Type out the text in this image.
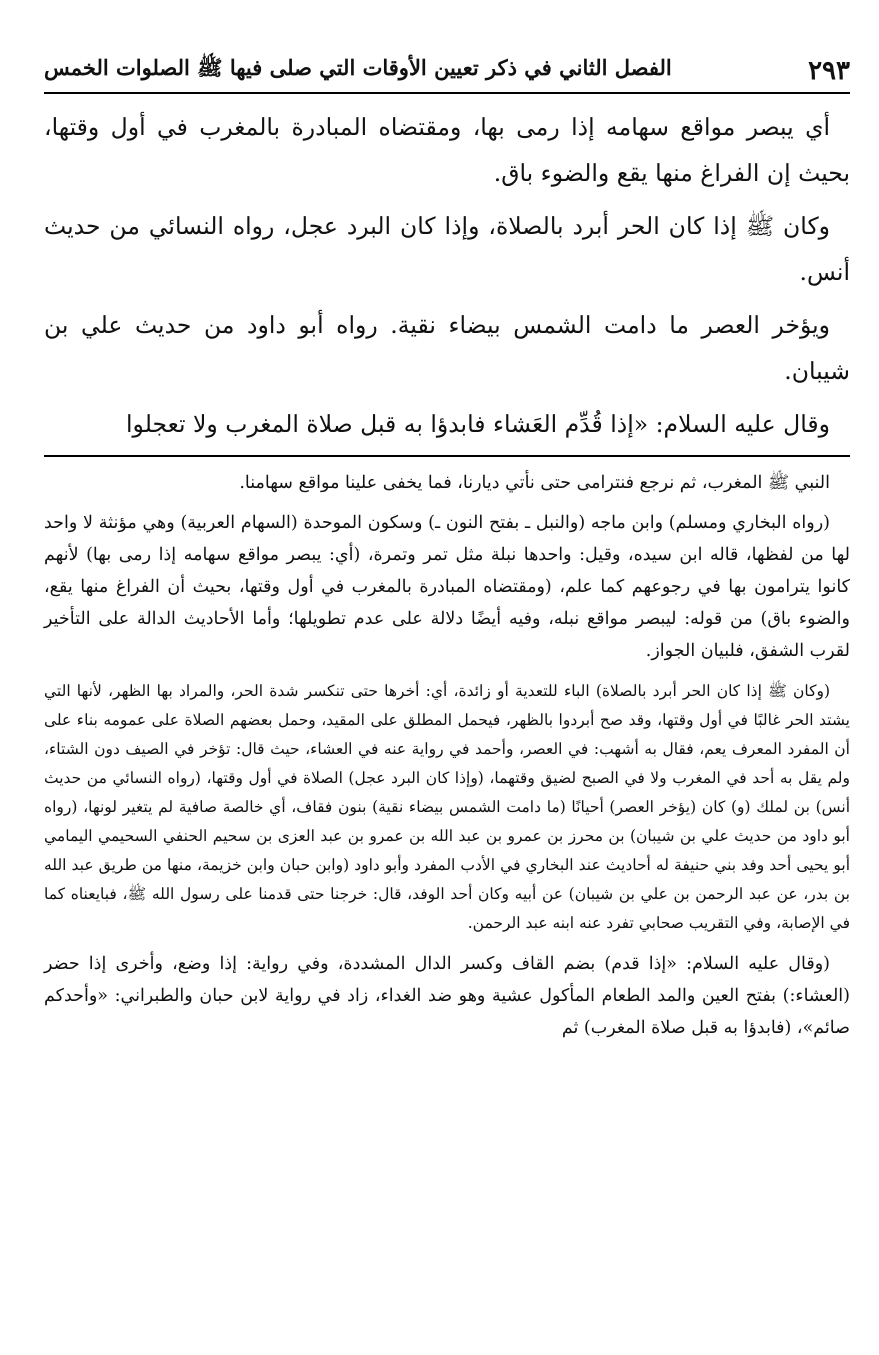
الفصل الثاني في ذكر تعيين الأوقات التي صلى فيها ﷺ الصلوات الخمس	٢٩٣

أي يبصر مواقع سهامه إذا رمى بها، ومقتضاه المبادرة بالمغرب في أول وقتها، بحيث إن الفراغ منها يقع والضوء باق.

وكان ﷺ إذا كان الحر أبرد بالصلاة، وإذا كان البرد عجل، رواه النسائي من حديث أنس.

ويؤخر العصر ما دامت الشمس بيضاء نقية. رواه أبو داود من حديث علي بن شيبان.

وقال عليه السلام: «إذا قُدِّم العَشاء فابدؤا به قبل صلاة المغرب ولا تعجلوا

النبي ﷺ المغرب، ثم نرجع فنترامى حتى نأتي ديارنا، فما يخفى علينا مواقع سهامنا.

(رواه البخاري ومسلم) وابن ماجه (والنبل ـ بفتح النون ـ) وسكون الموحدة (السهام العربية) وهي مؤنثة لا واحد لها من لفظها، قاله ابن سيده، وقيل: واحدها نبلة مثل تمر وتمرة، (أي: يبصر مواقع سهامه إذا رمى بها) لأنهم كانوا يترامون بها في رجوعهم كما علم، (ومقتضاه المبادرة بالمغرب في أول وقتها، بحيث أن الفراغ منها يقع، والضوء باق) من قوله: ليبصر مواقع نبله، وفيه أيضًا دلالة على عدم تطويلها؛ وأما الأحاديث الدالة على التأخير لقرب الشفق، فلبيان الجواز.

(وكان ﷺ إذا كان الحر أبرد بالصلاة) الباء للتعدية أو زائدة، أي: أخرها حتى تنكسر شدة الحر، والمراد بها الظهر، لأنها التي يشتد الحر غالبًا في أول وقتها، وقد صح أبردوا بالظهر، فيحمل المطلق على المقيد، وحمل بعضهم الصلاة على عمومه بناء على أن المفرد المعرف يعم، فقال به أشهب: في العصر، وأحمد في رواية عنه في العشاء، حيث قال: تؤخر في الصيف دون الشتاء، ولم يقل به أحد في المغرب ولا في الصبح لضيق وقتهما، (وإذا كان البرد عجل) الصلاة في أول وقتها، (رواه النسائي من حديث أنس) بن لملك (و) كان (يؤخر العصر) أحيانًا (ما دامت الشمس بيضاء نقية) بنون فقاف، أي خالصة صافية لم يتغير لونها، (رواه أبو داود من حديث علي بن شيبان) بن محرز بن عمرو بن عبد الله بن عمرو بن عبد العزى بن سحيم الحنفي السحيمي اليمامي أبو يحيى أحد وفد بني حنيفة له أحاديث عند البخاري في الأدب المفرد وأبو داود (وابن حبان وابن خزيمة، منها من طريق عبد الله بن بدر، عن عبد الرحمن بن علي بن شيبان) عن أبيه وكان أحد الوفد، قال: خرجنا حتى قدمنا على رسول الله ﷺ، فبايعناه كما في الإصابة، وفي التقريب صحابي تفرد عنه ابنه عبد الرحمن.

(وقال عليه السلام: «إذا قدم) بضم القاف وكسر الدال المشددة، وفي رواية: إذا وضع، وأخرى إذا حضر (العشاء:) بفتح العين والمد الطعام المأكول عشية وهو ضد الغداء، زاد في رواية لابن حبان والطبراني: «وأحدكم صائم»، (فابدؤا به قبل صلاة المغرب) ثم
